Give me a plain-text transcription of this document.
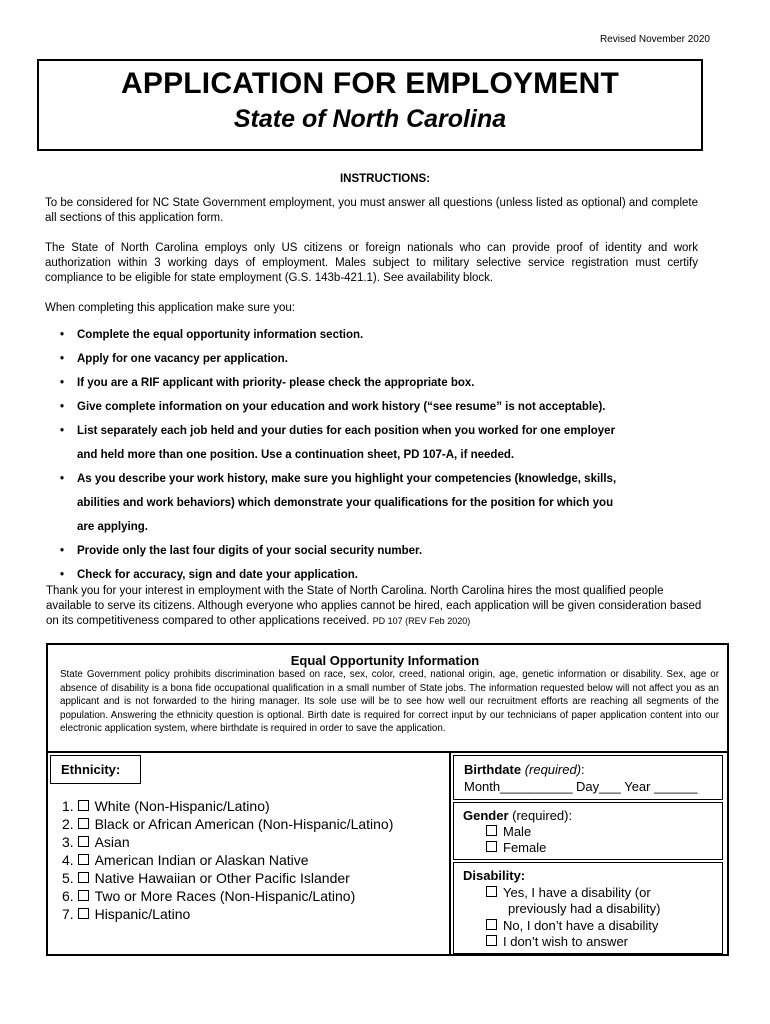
Revised November 2020
APPLICATION FOR EMPLOYMENT
State of North Carolina
INSTRUCTIONS:
To be considered for NC State Government employment, you must answer all questions (unless listed as optional) and complete all sections of this application form.
The State of North Carolina employs only US citizens or foreign nationals who can provide proof of identity and work authorization within 3 working days of employment. Males subject to military selective service registration must certify compliance to be eligible for state employment (G.S. 143b-421.1). See availability block.
When completing this application make sure you:
• Complete the equal opportunity information section.
• Apply for one vacancy per application.
• If you are a RIF applicant with priority- please check the appropriate box.
• Give complete information on your education and work history (“see resume” is not acceptable).
• List separately each job held and your duties for each position when you worked for one employer
and held more than one position. Use a continuation sheet, PD 107-A, if needed.
• As you describe your work history, make sure you highlight your competencies (knowledge, skills,
abilities and work behaviors) which demonstrate your qualifications for the position for which you
are applying.
• Provide only the last four digits of your social security number.
• Check for accuracy, sign and date your application.
Thank you for your interest in employment with the State of North Carolina. North Carolina hires the most qualified people available to serve its citizens. Although everyone who applies cannot be hired, each application will be given consideration based on its competitiveness compared to other applications received. PD 107 (REV Feb 2020)
Equal Opportunity Information
State Government policy prohibits discrimination based on race, sex, color, creed, national origin, age, genetic information or disability. Sex, age or absence of disability is a bona fide occupational qualification in a small number of State jobs. The information requested below will not affect you as an applicant and is not forwarded to the hiring manager. Its sole use will be to see how well our recruitment efforts are reaching all segments of the population. Answering the ethnicity question is optional. Birth date is required for correct input by our technicians of paper application content into our electronic application system, where birthdate is required in order to save the application.
Ethnicity:
1. White (Non-Hispanic/Latino)
2. Black or African American (Non-Hispanic/Latino)
3. Asian
4. American Indian or Alaskan Native
5. Native Hawaiian or Other Pacific Islander
6. Two or More Races (Non-Hispanic/Latino)
7. Hispanic/Latino
Birthdate (required):
Month__________ Day___ Year ______
Gender (required):
Male
Female
Disability:
Yes, I have a disability (or
previously had a disability)
No, I don’t have a disability
I don’t wish to answer
